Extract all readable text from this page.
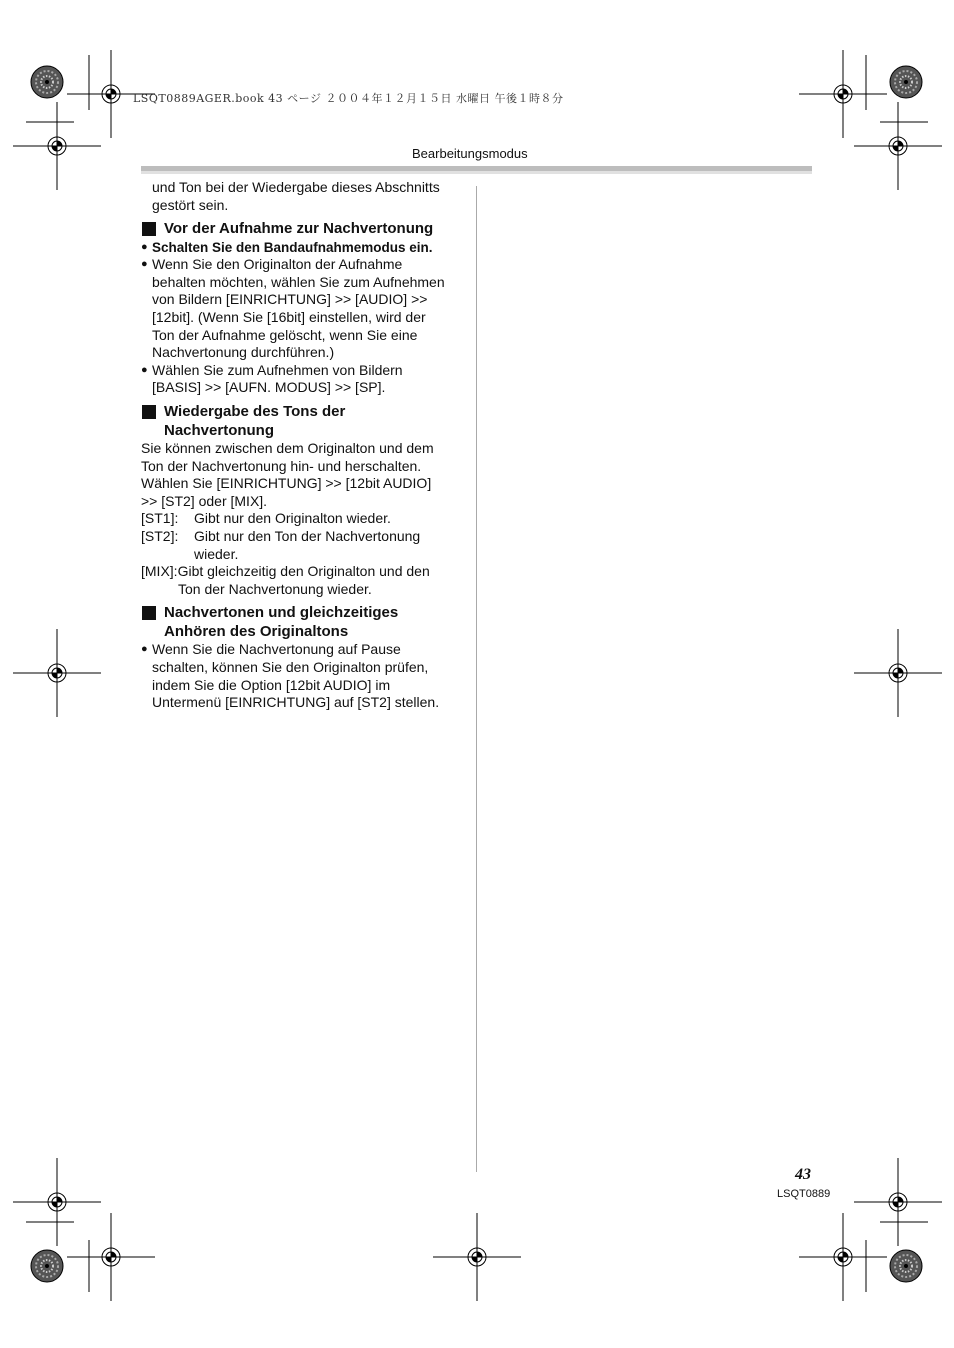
LSQT0889AGER.book 43 ページ ２００４年１２月１５日 水曜日 午後１時８分
Bearbeitungsmodus
und Ton bei der Wiedergabe dieses Abschnitts
gestört sein.
Vor der Aufnahme zur Nachvertonung
● Schalten Sie den Bandaufnahmemodus ein.
● Wenn Sie den Originalton der Aufnahme
behalten möchten, wählen Sie zum Aufnehmen
von Bildern [EINRICHTUNG] >> [AUDIO] >>
[12bit]. (Wenn Sie [16bit] einstellen, wird der
Ton der Aufnahme gelöscht, wenn Sie eine
Nachvertonung durchführen.)
● Wählen Sie zum Aufnehmen von Bildern
[BASIS] >> [AUFN. MODUS] >> [SP].
Wiedergabe des Tons der
Nachvertonung
Sie können zwischen dem Originalton und dem
Ton der Nachvertonung hin- und herschalten.
Wählen Sie [EINRICHTUNG] >> [12bit AUDIO]
>> [ST2] oder [MIX].
[ST1]:	Gibt nur den Originalton wieder.
[ST2]:	Gibt nur den Ton der Nachvertonung
wieder.
[MIX]:Gibt gleichzeitig den Originalton und den
Ton der Nachvertonung wieder.
Nachvertonen und gleichzeitiges
Anhören des Originaltons
● Wenn Sie die Nachvertonung auf Pause
schalten, können Sie den Originalton prüfen,
indem Sie die Option [12bit AUDIO] im
Untermenü [EINRICHTUNG] auf [ST2] stellen.
43
LSQT0889
